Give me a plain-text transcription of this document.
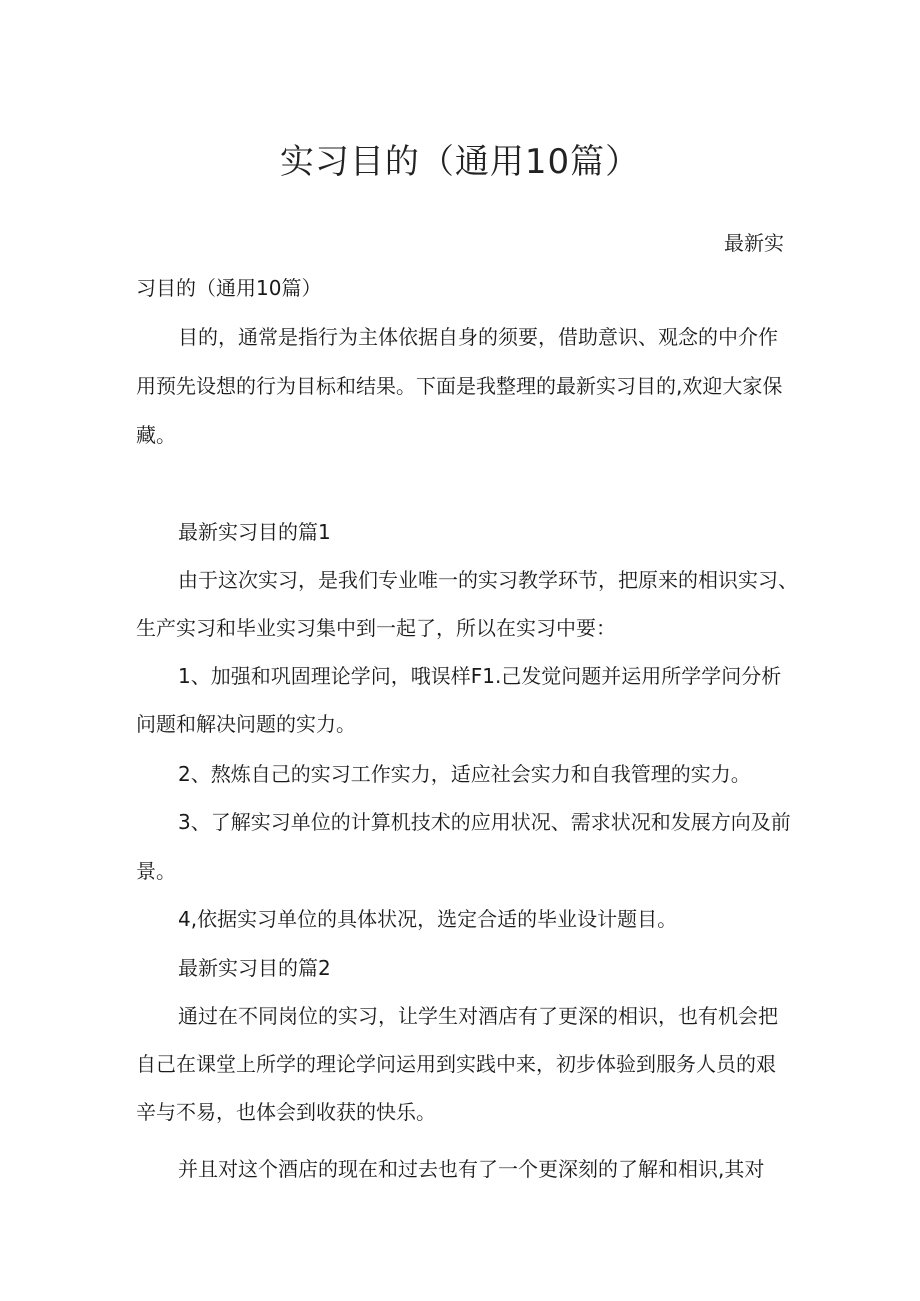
实习目的（通用10篇）
最新实
习目的（通用10篇）
目的，通常是指行为主体依据自身的须要，借助意识、观念的中介作
用预先设想的行为目标和结果。下面是我整理的最新实习目的,欢迎大家保
藏。
最新实习目的篇1
由于这次实习，是我们专业唯一的实习教学环节，把原来的相识实习、
生产实习和毕业实习集中到一起了，所以在实习中要：
1、加强和巩固理论学问，哦误样F1.己发觉问题并运用所学学问分析
问题和解决问题的实力。
2、熬炼自己的实习工作实力，适应社会实力和自我管理的实力。
3、了解实习单位的计算机技术的应用状况、需求状况和发展方向及前
景。
4,依据实习单位的具体状况，选定合适的毕业设计题目。
最新实习目的篇2
通过在不同岗位的实习，让学生对酒店有了更深的相识，也有机会把
自己在课堂上所学的理论学问运用到实践中来，初步体验到服务人员的艰
辛与不易，也体会到收获的快乐。
并且对这个酒店的现在和过去也有了一个更深刻的了解和相识,其对
